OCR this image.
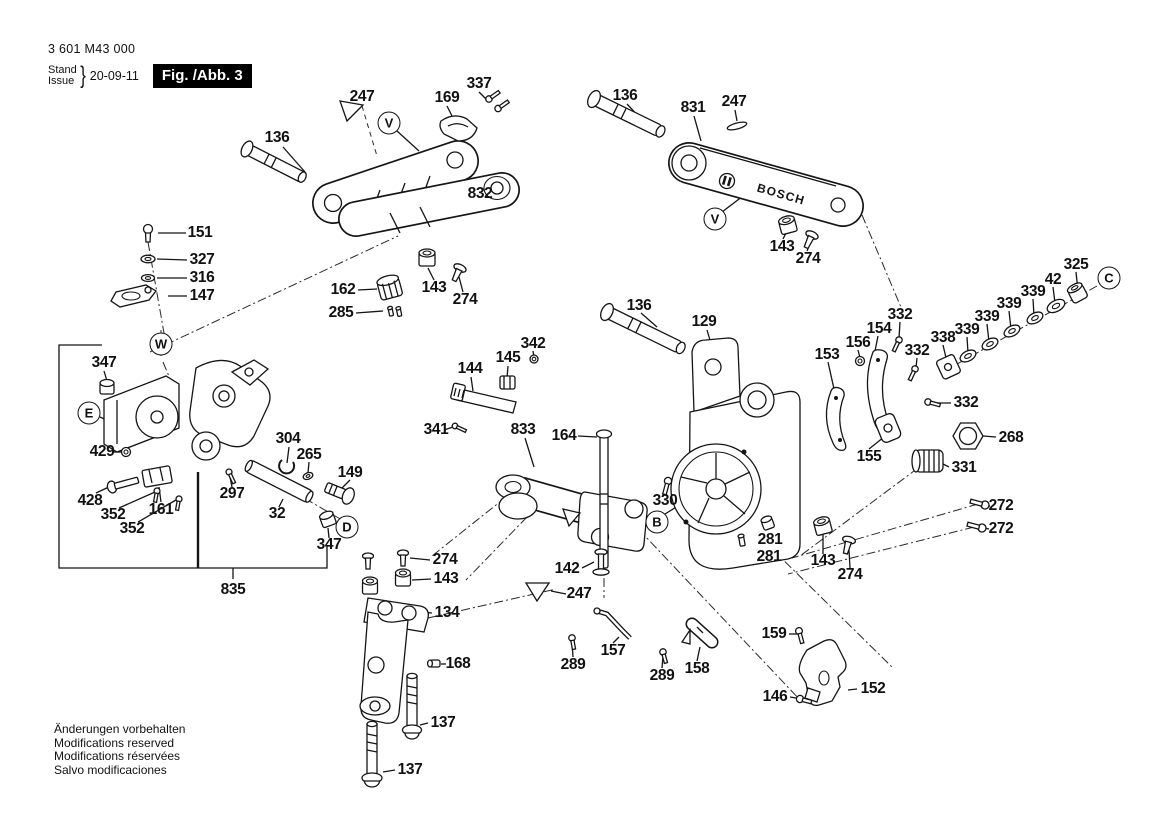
3 601 M43 000
Stand
Issue } 20-09-11	Fig. /Abb. 3
BOSCH
136
247	169
337
832
162
285
143
274
151
327
316
147
136
831 247
143
274
136
129
342
145
144
341	833 164
330
347
429
428
352
352
161
297
304
265
149
32
347
835
153
156
154
332
332
338 339
339
339
339
42
325
332
268
331
272
272
155
281
281 143
274
142
247
157
289
289 158
159
146	152
274
143
134
168
137
137
V
V
W
E
B
C
D
Änderungen vorbehalten
Modifications reserved
Modifications réservées
Salvo modificaciones
